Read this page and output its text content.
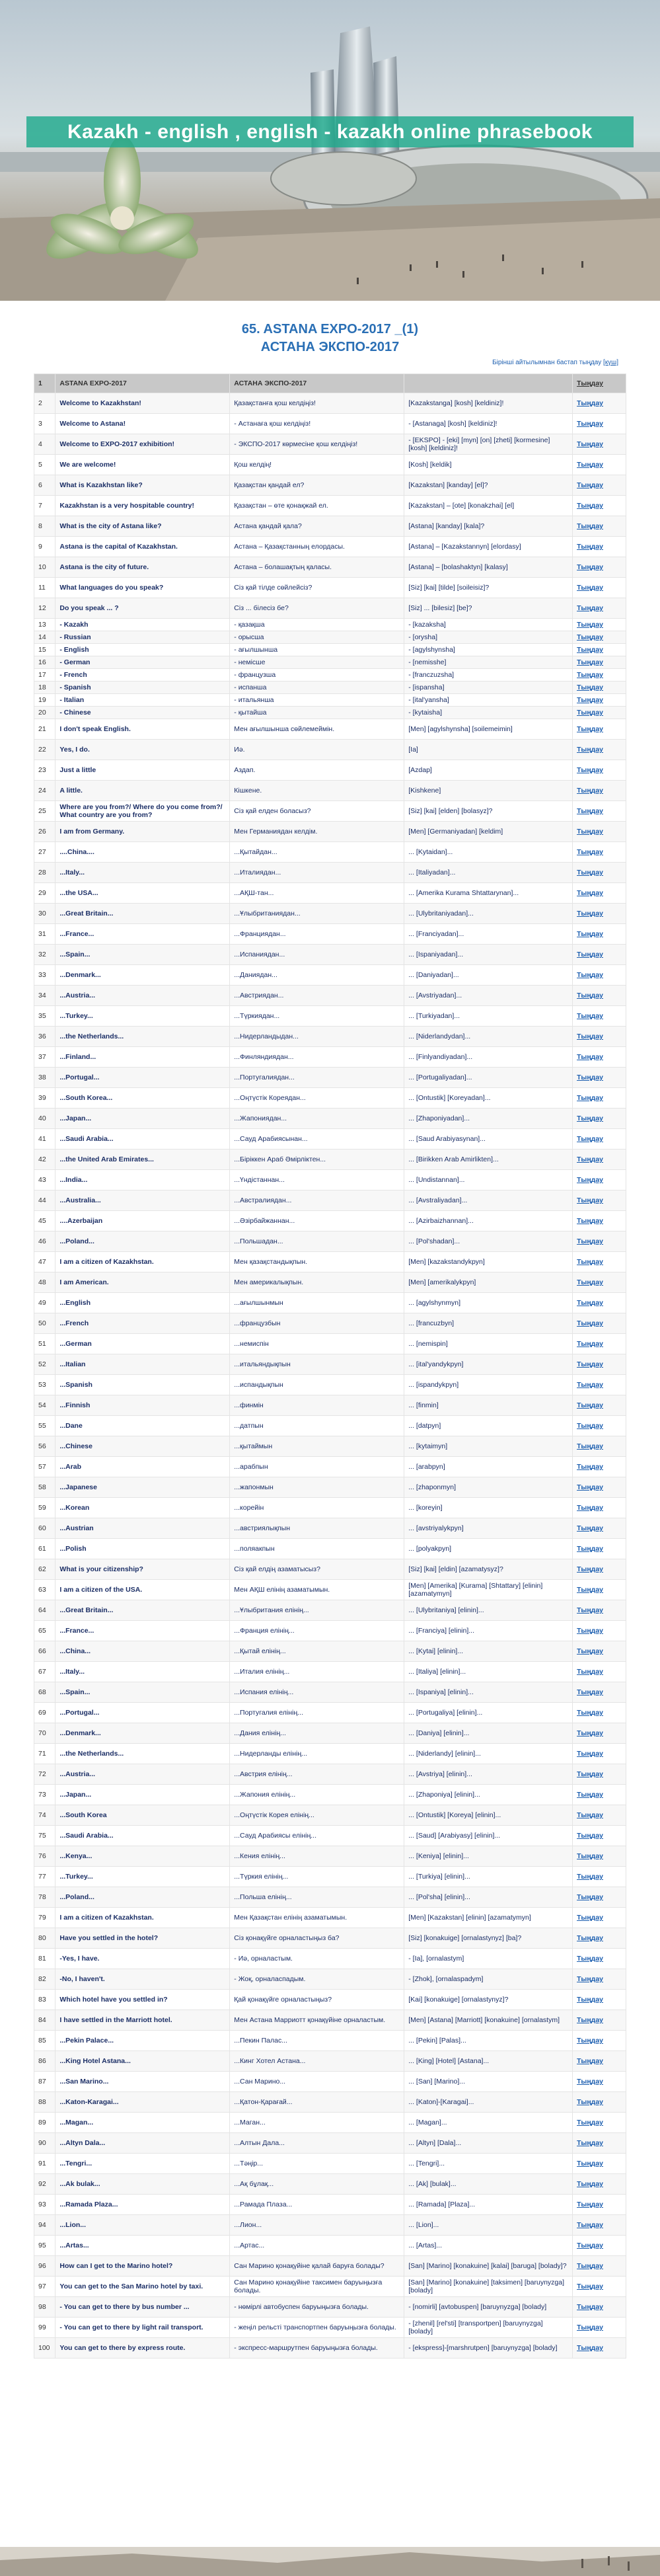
Kazakh - english , english - kazakh online phrasebook
65. ASTANA EXPO-2017 _(1)
АСТАНА ЭКСПО-2017
Бірінші айтылымнан бастап тыңдау [күш]
1	ASTANA EXPO-2017	АСТАНА ЭКСПО-2017		Тыңдау
2	Welcome to Kazakhstan!	Қазақстанға қош келдіңіз!	[Kazakstanga] [kosh] [keldiniz]!	Тыңдау
3	Welcome to Astana!	- Астанаға қош келдіңіз!	- [Astanaga] [kosh] [keldiniz]!	Тыңдау
4	Welcome to EXPO-2017 exhibition!	- ЭКСПО-2017 көрмесіне қош келдіңіз!	- [EKSPO] - [eki] [myn] [on] [zheti] [kormesine] [kosh] [keldiniz]!	Тыңдау
5	We are welcome!	Қош келдің!	[Kosh] [keldik]	Тыңдау
6	What is Kazakhstan like?	Қазақстан қандай ел?	[Kazakstan] [kanday] [el]?	Тыңдау
7	Kazakhstan is a very hospitable country!	Қазақстан – өте қонақжай ел.	[Kazakstan] – [ote] [konakzhai] [el]	Тыңдау
8	What is the city of Astana like?	Астана қандай қала?	[Astana] [kanday] [kala]?	Тыңдау
9	Astana is the capital of Kazakhstan.	Астана – Қазақстанның елордасы.	[Astana] – [Kazakstannyn] [elordasy]	Тыңдау
10	Astana is the city of future.	Астана – болашақтың қаласы.	[Astana] – [bolashaktyn] [kalasy]	Тыңдау
11	What languages do you speak?	Сіз қай тілде сөйлейсіз?	[Siz] [kai] [tilde] [soileisiz]?	Тыңдау
12	Do you speak ... ?	Сіз ... білесіз бе?	[Siz] ... [bilesiz] [be]?	Тыңдау
13	- Kazakh	- қазақша	- [kazaksha]	Тыңдау
14	- Russian	- орысша	- [orysha]	Тыңдау
15	- English	- ағылшынша	- [agylshynsha]	Тыңдау
16	- German	- немісше	- [nemisshe]	Тыңдау
17	- French	- французша	- [franczuzsha]	Тыңдау
18	- Spanish	- испанша	- [ispansha]	Тыңдау
19	- Italian	- итальянша	- [ital'yansha]	Тыңдау
20	- Chinese	- қытайша	- [kytaisha]	Тыңдау
21	I don't speak English.	Мен ағылшынша сөйлемеймін.	[Men] [agylshynsha] [soilemeimin]	Тыңдау
22	Yes, I do.	Иә.	[Ia]	Тыңдау
23	Just a little	Аздап.	[Azdap]	Тыңдау
24	A little.	Кішкене.	[Kishkene]	Тыңдау
25	Where are you from?/ Where do you come from?/ What country are you from?	Сіз қай елден боласыз?	[Siz] [kai] [elden] [bolasyz]?	Тыңдау
26	I am from Germany.	Мен Германиядан келдім.	[Men] [Germaniyadan] [keldim]	Тыңдау
27	....China....	...Қытайдан...	... [Kytaidan]...	Тыңдау
28	...Italy...	...Италиядан...	... [Italiyadan]...	Тыңдау
29	...the USA...	...АҚШ-тан...	... [Amerika Kurama Shtattarynan]...	Тыңдау
30	...Great Britain...	...Ұлыбританиядан...	... [Ulybritaniyadan]...	Тыңдау
31	...France...	...Франциядан...	... [Franciyadan]...	Тыңдау
32	...Spain...	...Испаниядан...	... [Ispaniyadan]...	Тыңдау
33	...Denmark...	...Даниядан...	... [Daniyadan]...	Тыңдау
34	...Austria...	...Австриядан...	... [Avstriyadan]...	Тыңдау
35	...Turkey...	...Түркиядан...	... [Turkiyadan]...	Тыңдау
36	...the Netherlands...	...Нидерландыдан...	... [Niderlandydan]...	Тыңдау
37	...Finland...	...Финляндиядан...	... [Finlyandiyadan]...	Тыңдау
38	...Portugal...	...Португалиядан...	... [Portugaliyadan]...	Тыңдау
39	...South Korea...	...Оңтүстік Кореядан...	... [Ontustik] [Koreyadan]...	Тыңдау
40	...Japan...	...Жапониядан...	... [Zhaponiyadan]...	Тыңдау
41	...Saudi Arabia...	...Сауд Арабиясынан...	... [Saud Arabiyasynan]...	Тыңдау
42	...the United Arab Emirates...	...Біріккен Араб Әмірліктен...	... [Birikken Arab Amirlikten]...	Тыңдау
43	...India...	...Үндістаннан...	... [Undistannan]...	Тыңдау
44	...Australia...	...Австралиядан...	... [Avstraliyadan]...	Тыңдау
45	....Azerbaijan	...Әзірбайжаннан...	... [Azirbaizhannan]...	Тыңдау
46	...Poland...	...Польшадан...	... [Pol'shadan]...	Тыңдау
47	I am a citizen of Kazakhstan.	Мен қазақстандықпын.	[Men] [kazakstandykpyn]	Тыңдау
48	I am American.	Мен америкалықпын.	[Men] [amerikalykpyn]	Тыңдау
49	...English	...ағылшынмын	... [agylshynmyn]	Тыңдау
50	...French	...французбын	... [francuzbyn]	Тыңдау
51	...German	...немиспін	... [nemispin]	Тыңдау
52	...Italian	...итальяндықпын	... [ital'yandykpyn]	Тыңдау
53	...Spanish	...испандықпын	... [ispandykpyn]	Тыңдау
54	...Finnish	...финмін	... [finmin]	Тыңдау
55	...Dane	...датпын	... [datpyn]	Тыңдау
56	...Chinese	...қытаймын	... [kytaimyn]	Тыңдау
57	...Arab	...арабпын	... [arabpyn]	Тыңдау
58	...Japanese	...жапонмын	... [zhaponmyn]	Тыңдау
59	...Korean	...корейін	... [koreyin]	Тыңдау
60	...Austrian	...австриялықпын	... [avstriyalykpyn]	Тыңдау
61	...Polish	...поляакпын	... [polyakpyn]	Тыңдау
62	What is your citizenship?	Сіз қай елдің азаматысыз?	[Siz] [kai] [eldin] [azamatysyz]?	Тыңдау
63	I am a citizen of the USA.	Мен АҚШ елінің азаматымын.	[Men] [Amerika] [Kurama] [Shtattary] [elinin] [azamatymyn]	Тыңдау
64	...Great Britain...	...Ұлыбритания елінің...	... [Ulybritaniya] [elinin]...	Тыңдау
65	...France...	...Франция елінің...	... [Franciya] [elinin]...	Тыңдау
66	...China...	...Қытай елінің...	... [Kytai] [elinin]...	Тыңдау
67	...Italy...	...Италия елінің...	... [Italiya] [elinin]...	Тыңдау
68	...Spain...	...Испания елінің...	... [Ispaniya] [elinin]...	Тыңдау
69	...Portugal...	...Португалия елінің...	... [Portugaliya] [elinin]...	Тыңдау
70	...Denmark...	...Дания елінің...	... [Daniya] [elinin]...	Тыңдау
71	...the Netherlands...	...Нидерланды елінің...	... [Niderlandy] [elinin]...	Тыңдау
72	...Austria...	...Австрия елінің...	... [Avstriya] [elinin]...	Тыңдау
73	...Japan...	...Жапония елінің...	... [Zhaponiya] [elinin]...	Тыңдау
74	...South Korea	...Оңтүстік Корея елінің...	... [Ontustik] [Koreya] [elinin]...	Тыңдау
75	...Saudi Arabia...	...Сауд Арабиясы елінің...	... [Saud] [Arabiyasy] [elinin]...	Тыңдау
76	...Kenya...	...Кения елінің...	... [Keniya] [elinin]...	Тыңдау
77	...Turkey...	...Түркия елінің...	... [Turkiya] [elinin]...	Тыңдау
78	...Poland...	...Польша елінің...	... [Pol'sha] [elinin]...	Тыңдау
79	I am a citizen of Kazakhstan.	Мен Қазақстан елінің азаматымын.	[Men] [Kazakstan] [elinin] [azamatymyn]	Тыңдау
80	Have you settled in the hotel?	Сіз қонақүйге орналастыңыз ба?	[Siz] [konakuige] [ornalastynyz] [ba]?	Тыңдау
81	-Yes, I have.	- Иә, орналастым.	- [Ia], [ornalastym]	Тыңдау
82	-No, I haven't.	- Жоқ, орналаспадым.	- [Zhok], [ornalaspadym]	Тыңдау
83	Which hotel have you settled in?	Қай қонақүйге орналастыңыз?	[Kai] [konakuige] [ornalastynyz]?	Тыңдау
84	I have settled in the Marriott hotel.	Мен Астана Марриотт қонақүйіне орналастым.	[Men] [Astana] [Marriott] [konakuine] [ornalastym]	Тыңдау
85	...Pekin Palace...	...Пекин Палас...	... [Pekin] [Palas]...	Тыңдау
86	...King Hotel Astana...	...Кинг Хотел Астана...	... [King] [Hotel] [Astana]...	Тыңдау
87	...San Marino...	...Сан Марино...	... [San] [Marino]...	Тыңдау
88	...Katon-Karagai...	...Қатон-Қарағай...	... [Katon]-[Karagai]...	Тыңдау
89	...Magan...	...Маган...	... [Magan]...	Тыңдау
90	...Altyn Dala...	...Алтын Дала...	... [Altyn] [Dala]...	Тыңдау
91	...Tengri...	...Тәңір...	... [Tengri]...	Тыңдау
92	...Ak bulak...	...Ақ бұлақ...	... [Ak] [bulak]...	Тыңдау
93	...Ramada Plaza...	...Рамада Плаза...	... [Ramada] [Plaza]...	Тыңдау
94	...Lion...	...Лион...	... [Lion]...	Тыңдау
95	...Artas...	...Артас...	... [Artas]...	Тыңдау
96	How can I get to the Marino hotel?	Сан Марино қонақүйіне қалай баруға болады?	[San] [Marino] [konakuine] [kalai] [baruga] [bolady]?	Тыңдау
97	You can get to the San Marino hotel by taxi.	Сан Марино қонақүйіне таксимен баруыңызға болады.	[San] [Marino] [konakuine] [taksimen] [baruynyzga] [bolady]	Тыңдау
98	- You can get to there by bus number ...	- нөмірлі автобуспен баруыңызға болады.	- [nomirli] [avtobuspen] [baruynyzga] [bolady]	Тыңдау
99	- You can get to there by light rail transport.	- жеңіл рельсті транспортпен баруыңызға болады.	- [zhenil] [rel'sti] [transportpen] [baruynyzga] [bolady]	Тыңдау
100	You can get to there by express route.	- экспресс-маршрутпен баруыңызға болады.	- [ekspress]-[marshrutpen] [baruynyzga] [bolady]	Тыңдау
